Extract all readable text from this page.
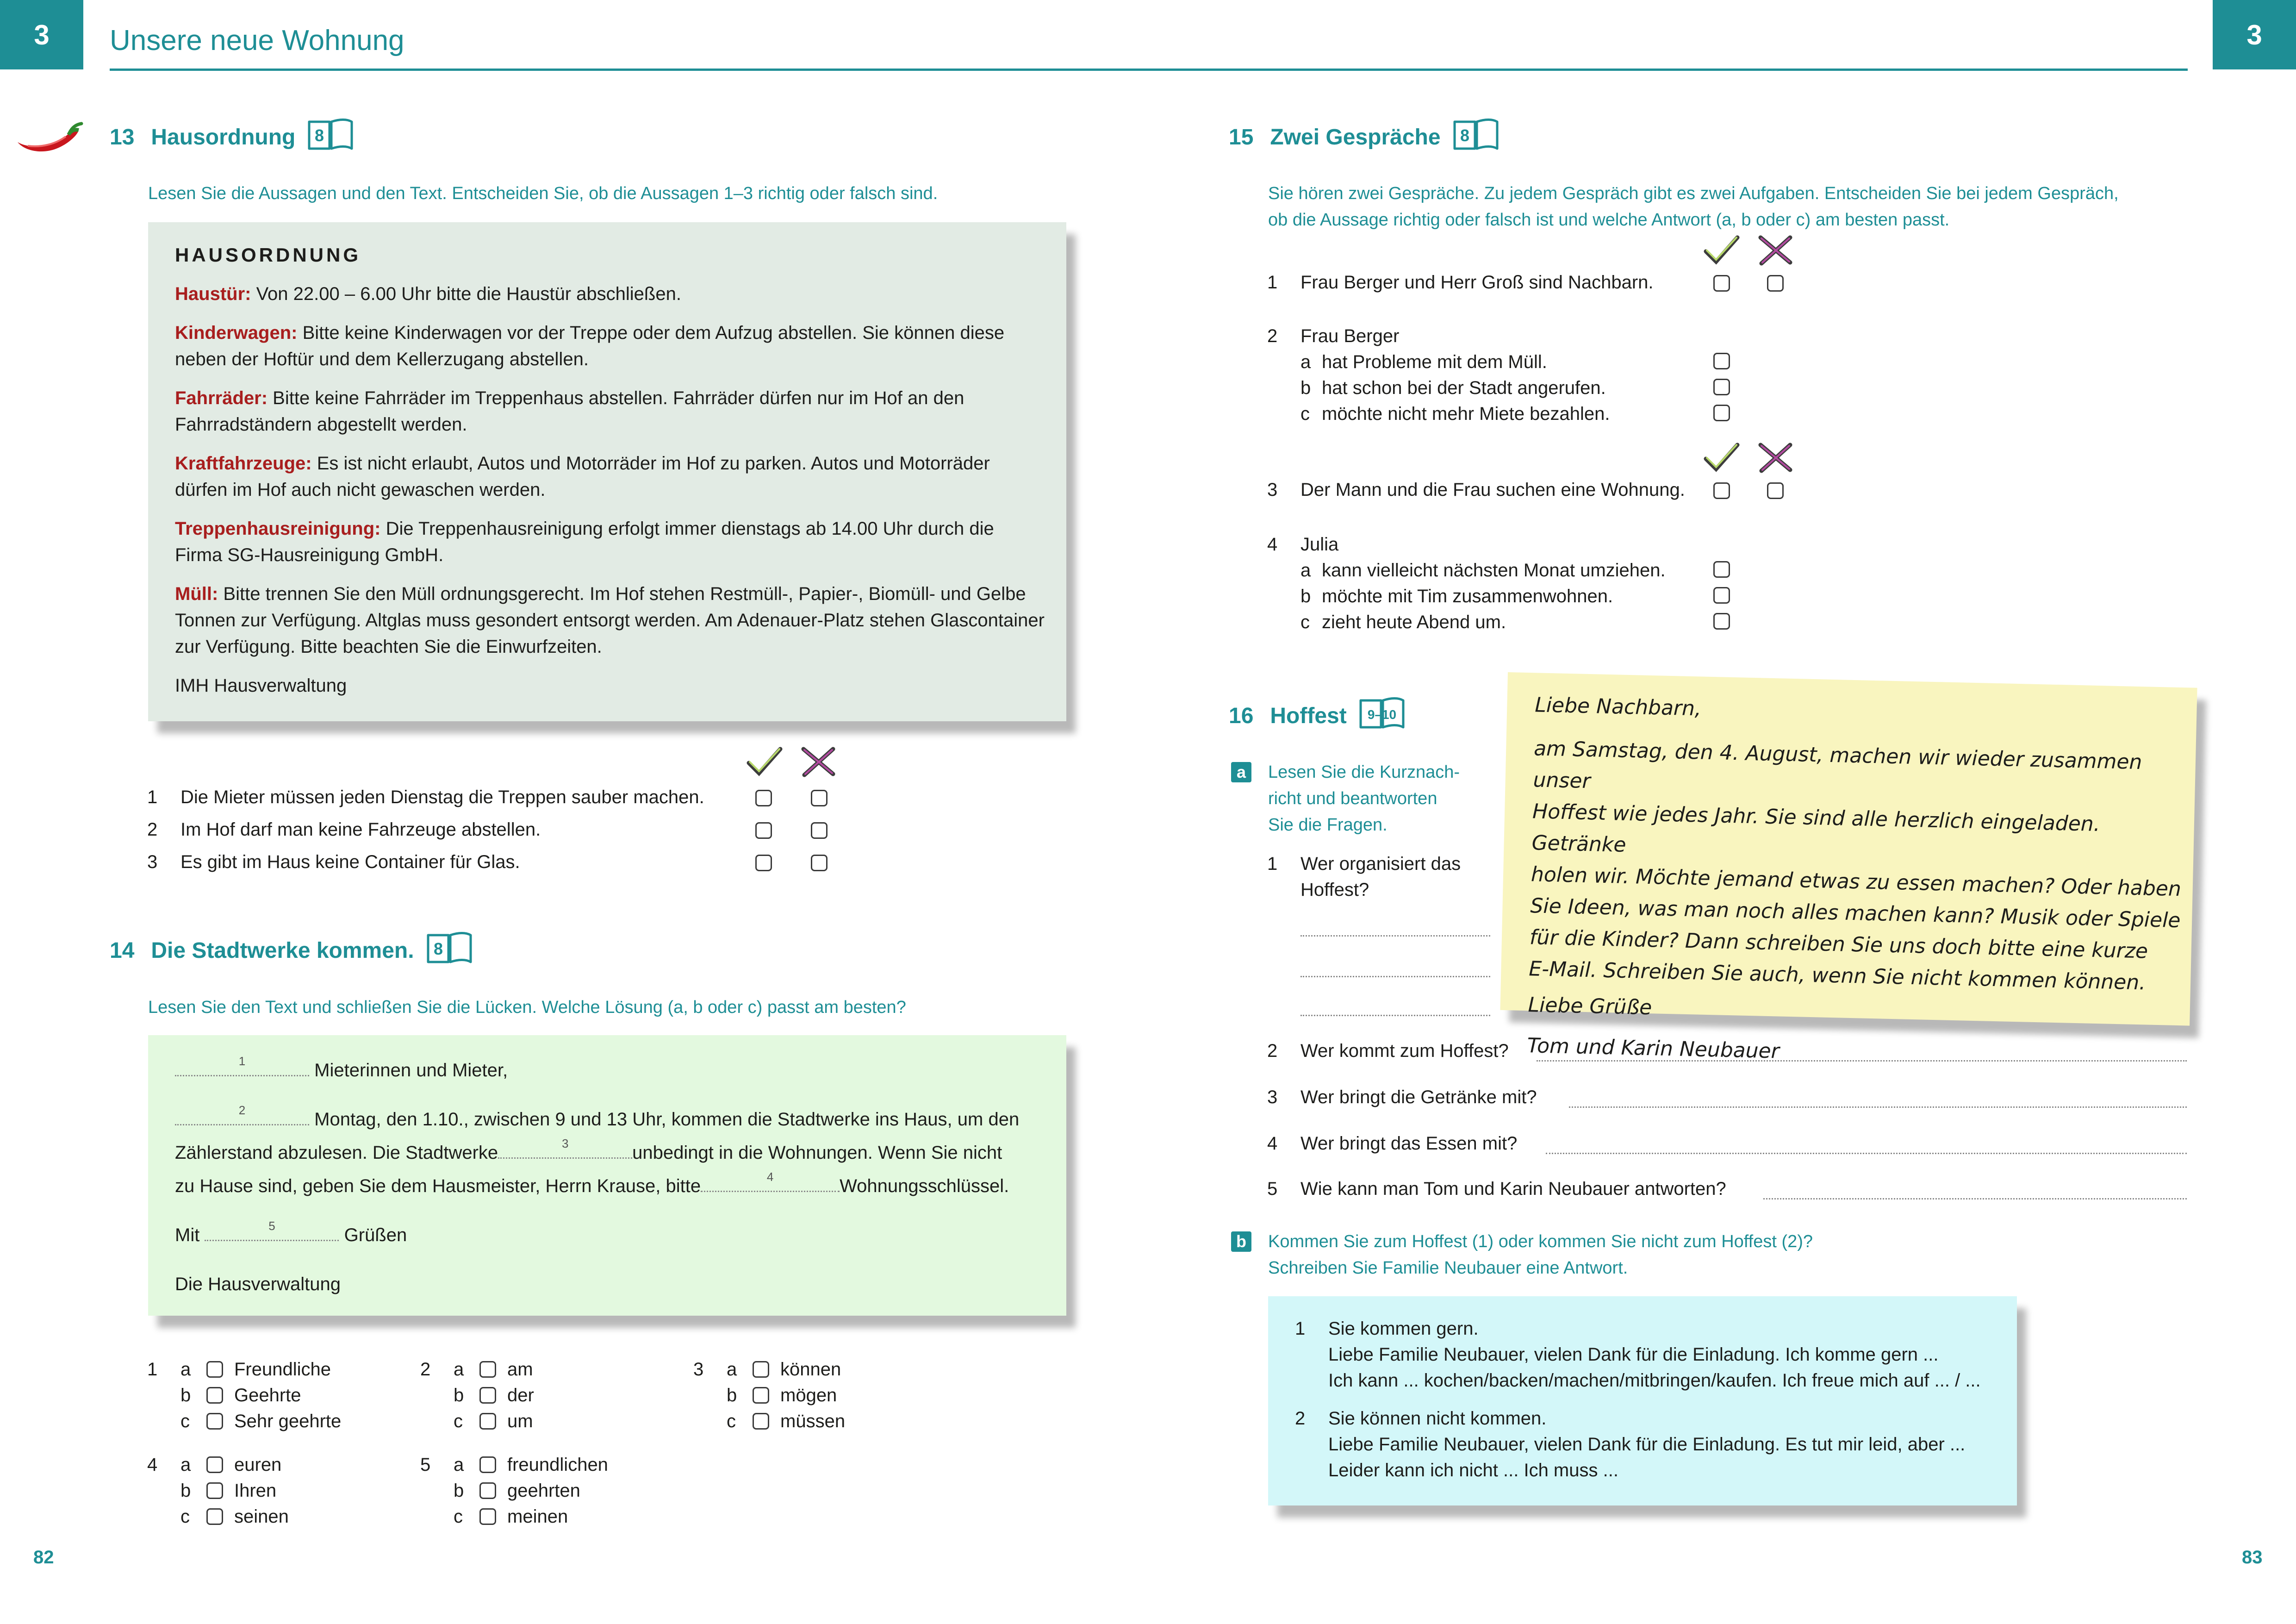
3	3
Unsere neue Wohnung
13 Hausordnung 8
Lesen Sie die Aussagen und den Text. Entscheiden Sie, ob die Aussagen 1–3 richtig oder falsch sind.
HAUSORDNUNG

Haustür: Von 22.00 – 6.00 Uhr bitte die Haustür abschließen.

Kinderwagen: Bitte keine Kinderwagen vor der Treppe oder dem Aufzug abstellen. Sie können diese neben der Hoftür und dem Kellerzugang abstellen.

Fahrräder: Bitte keine Fahrräder im Treppenhaus abstellen. Fahrräder dürfen nur im Hof an den Fahrradständern abgestellt werden.

Kraftfahrzeuge: Es ist nicht erlaubt, Autos und Motorräder im Hof zu parken. Autos und Motorräder dürfen im Hof auch nicht gewaschen werden.

Treppenhausreinigung: Die Treppenhausreinigung erfolgt immer dienstags ab 14.00 Uhr durch die Firma SG-Hausreinigung GmbH.

Müll: Bitte trennen Sie den Müll ordnungsgerecht. Im Hof stehen Restmüll-, Papier-, Biomüll- und Gelbe Tonnen zur Verfügung. Altglas muss gesondert entsorgt werden. Am Adenauer-Platz stehen Glascontainer zur Verfügung. Bitte beachten Sie die Einwurfzeiten.

IMH Hausverwaltung

1	Die Mieter müssen jeden Dienstag die Treppen sauber machen.
2	Im Hof darf man keine Fahrzeuge abstellen.
3	Es gibt im Haus keine Container für Glas.
14 Die Stadtwerke kommen. 8
Lesen Sie den Text und schließen Sie die Lücken. Welche Lösung (a, b oder c) passt am besten?
1	Mieterinnen und Mieter,
2	Montag, den 1.10., zwischen 9 und 13 Uhr, kommen die Stadtwerke ins Haus, um den
Zählerstand abzulesen. Die Stadtwerke	3	unbedingt in die Wohnungen. Wenn Sie nicht
zu Hause sind, geben Sie dem Hausmeister, Herrn Krause, bitte	4	Wohnungsschlüssel.
Mit	5	Grüßen
Die Hausverwaltung
1	a	Freundliche
b	Geehrte
c	Sehr geehrte
2	a	am
b	der
c	um
3	a	können
b	mögen
c	müssen
4	a	euren
b	Ihren
c	seinen
5	a	freundlichen
b	geehrten
c	meinen
82	83
15 Zwei Gespräche 8
Sie hören zwei Gespräche. Zu jedem Gespräch gibt es zwei Aufgaben. Entscheiden Sie bei jedem Gespräch,
ob die Aussage richtig oder falsch ist und welche Antwort (a, b oder c) am besten passt.
1	Frau Berger und Herr Groß sind Nachbarn.
2	Frau Berger
a hat Probleme mit dem Müll.
b hat schon bei der Stadt angerufen.
c möchte nicht mehr Miete bezahlen.
3	Der Mann und die Frau suchen eine Wohnung.
4	Julia
a kann vielleicht nächsten Monat umziehen.
b möchte mit Tim zusammenwohnen.
c zieht heute Abend um.
16 Hoffest 9–10
a	Lesen Sie die Kurznach-
richt und beantworten
Sie die Fragen.
1	Wer organisiert das Hoffest?
Liebe Nachbarn,
am Samstag, den 4. August, machen wir wieder zusammen unser
Hoffest wie jedes Jahr. Sie sind alle herzlich eingeladen. Getränke
holen wir. Möchte jemand etwas zu essen machen? Oder haben
Sie Ideen, was man noch alles machen kann? Musik oder Spiele
für die Kinder? Dann schreiben Sie uns doch bitte eine kurze
E-Mail. Schreiben Sie auch, wenn Sie nicht kommen können.
Liebe Grüße
Tom und Karin Neubauer
2	Wer kommt zum Hoffest?
3	Wer bringt die Getränke mit?
4	Wer bringt das Essen mit?
5	Wie kann man Tom und Karin Neubauer antworten?
b Kommen Sie zum Hoffest (1) oder kommen Sie nicht zum Hoffest (2)?
Schreiben Sie Familie Neubauer eine Antwort.
1	Sie kommen gern.
Liebe Familie Neubauer, vielen Dank für die Einladung. Ich komme gern ...
Ich kann ... kochen/backen/machen/mitbringen/kaufen. Ich freue mich auf ... / ...
2	Sie können nicht kommen.
Liebe Familie Neubauer, vielen Dank für die Einladung. Es tut mir leid, aber ...
Leider kann ich nicht ... Ich muss ...
